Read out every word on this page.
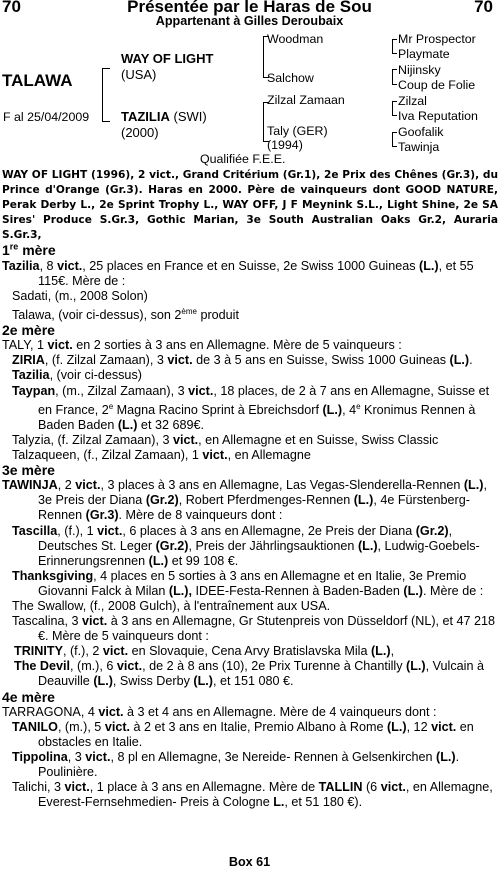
70	Présentée par le Haras de Sou	70
Appartenant à Gilles Deroubaix
TALAWA
F al 25/04/2009
WAY OF LIGHT
(USA)
TAZILIA (SWI)
(2000)
Woodman
Salchow
Zilzal Zamaan
Taly (GER)
(1994)
Mr Prospector
Playmate
Nijinsky
Coup de Folie
Zilzal
Iva Reputation
Goofalik
Tawinja
Qualifiée F.E.E.

WAY OF LIGHT (1996), 2 vict., Grand Critérium (Gr.1), 2e Prix des Chênes (Gr.3), du Prince d'Orange (Gr.3). Haras en 2000. Père de vainqueurs dont GOOD NATURE, Perak Derby L., 2e Sprint Trophy L., WAY OFF, J F Meynink S.L., Light Shine, 2e SA Sires' Produce S.Gr.3, Gothic Marian, 3e South Australian Oaks Gr.2, Auraria S.Gr.3,

1re mère

Tazilia, 8 vict., 25 places en France et en Suisse, 2e Swiss 1000 Guineas (L.), et 55 115€. Mère de :

Sadati, (m., 2008 Solon)

Talawa, (voir ci-dessus), son 2ème produit

2e mère

TALY, 1 vict. en 2 sorties à 3 ans en Allemagne. Mère de 5 vainqueurs :

ZIRIA, (f. Zilzal Zamaan), 3 vict. de 3 à 5 ans en Suisse, Swiss 1000 Guineas (L.).

Tazilia, (voir ci-dessus)

Taypan, (m., Zilzal Zamaan), 3 vict., 18 places, de 2 à 7 ans en Allemagne, Suisse et en France, 2e Magna Racino Sprint à Ebreichsdorf (L.), 4e Kronimus Rennen à Baden Baden (L.) et 32 689€.

Talyzia, (f. Zilzal Zamaan), 3 vict., en Allemagne et en Suisse, Swiss Classic

Talzaqueen, (f., Zilzal Zamaan), 1 vict., en Allemagne

3e mère

TAWINJA, 2 vict., 3 places à 3 ans en Allemagne, Las Vegas-Slenderella-Rennen (L.), 3e Preis der Diana (Gr.2), Robert Pferdmenges-Rennen (L.), 4e Fürstenberg-Rennen (Gr.3). Mère de 8 vainqueurs dont :

Tascilla, (f.), 1 vict., 6 places à 3 ans en Allemagne, 2e Preis der Diana (Gr.2), Deutsches St. Leger (Gr.2), Preis der Jährlingsauktionen (L.), Ludwig-Goebels-Erinnerungsrennen (L.) et 99 108 €.

Thanksgiving, 4 places en 5 sorties à 3 ans en Allemagne et en Italie, 3e Premio Giovanni Falck à Milan (L.), IDEE-Festa-Rennen à Baden-Baden (L.). Mère de :

The Swallow, (f., 2008 Gulch), à l'entraînement aux USA.

Tascalina, 3 vict. à 3 ans en Allemagne, Gr Stutenpreis von Düsseldorf (NL), et 47 218 €. Mère de 5 vainqueurs dont :

TRINITY, (f.), 2 vict. en Slovaquie, Cena Arvy Bratislavska Mila (L.),

The Devil, (m.), 6 vict., de 2 à 8 ans (10), 2e Prix Turenne à Chantilly (L.), Vulcain à Deauville (L.), Swiss Derby (L.), et 151 080 €.

4e mère

TARRAGONA, 4 vict. à 3 et 4 ans en Allemagne. Mère de 4 vainqueurs dont :

TANILO, (m.), 5 vict. à 2 et 3 ans en Italie, Premio Albano à Rome (L.), 12 vict. en obstacles en Italie.

Tippolina, 3 vict., 8 pl en Allemagne, 3e Nereide- Rennen à Gelsenkirchen (L.). Poulinière.

Talichi, 3 vict., 1 place à 3 ans en Allemagne. Mère de TALLIN (6 vict., en Allemagne, Everest-Fernsehmedien- Preis à Cologne L., et 51 180 €).

Box 61
